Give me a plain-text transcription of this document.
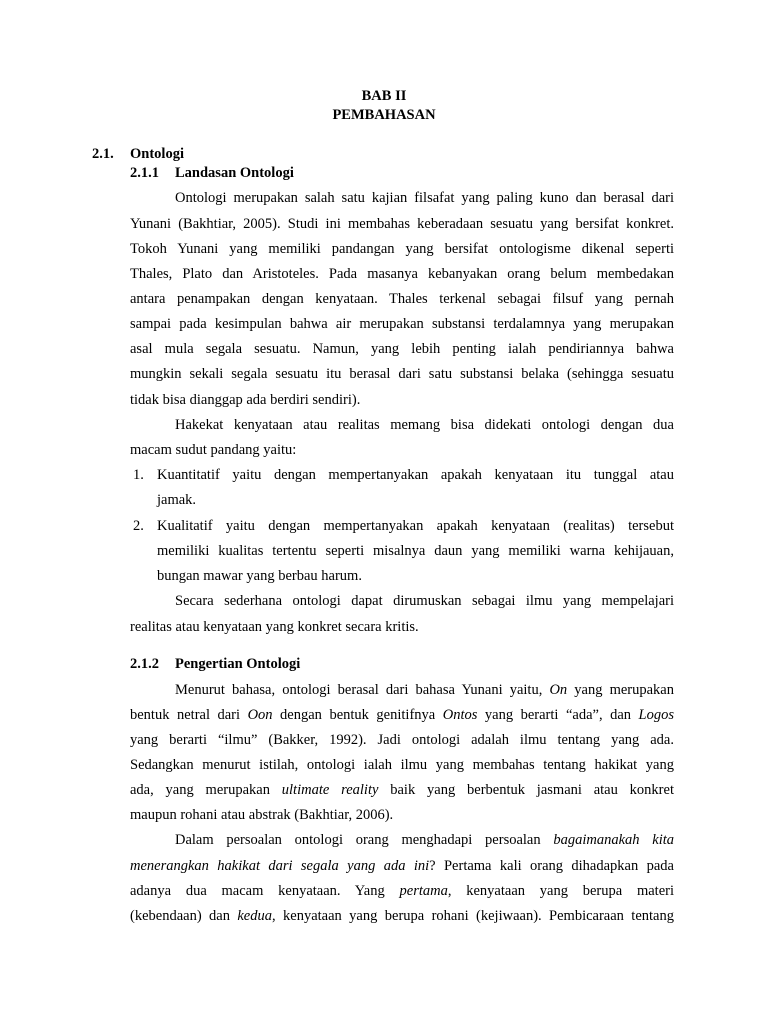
BAB II
PEMBAHASAN
2.1. Ontologi
2.1.1 Landasan Ontologi
Ontologi merupakan salah satu kajian filsafat yang paling kuno dan berasal dari
Yunani (Bakhtiar, 2005). Studi ini membahas keberadaan sesuatu yang bersifat konkret.
Tokoh Yunani yang memiliki pandangan yang bersifat ontologisme dikenal seperti
Thales, Plato dan Aristoteles. Pada masanya kebanyakan orang belum membedakan
antara penampakan dengan kenyataan. Thales terkenal sebagai filsuf yang pernah
sampai pada kesimpulan bahwa air merupakan substansi terdalamnya yang merupakan
asal mula segala sesuatu. Namun, yang lebih penting ialah pendiriannya bahwa
mungkin sekali segala sesuatu itu berasal dari satu substansi belaka (sehingga sesuatu
tidak bisa dianggap ada berdiri sendiri).
Hakekat kenyataan atau realitas memang bisa didekati ontologi dengan dua
macam sudut pandang yaitu:
1. Kuantitatif yaitu dengan mempertanyakan apakah kenyataan itu tunggal atau
jamak.
2. Kualitatif yaitu dengan mempertanyakan apakah kenyataan (realitas) tersebut
memiliki kualitas tertentu seperti misalnya daun yang memiliki warna kehijauan,
bungan mawar yang berbau harum.
Secara sederhana ontologi dapat dirumuskan sebagai ilmu yang mempelajari
realitas atau kenyataan yang konkret secara kritis.
2.1.2 Pengertian Ontologi
Menurut bahasa, ontologi berasal dari bahasa Yunani yaitu, On yang merupakan
bentuk netral dari Oon dengan bentuk genitifnya Ontos yang berarti “ada”, dan Logos
yang berarti “ilmu” (Bakker, 1992). Jadi ontologi adalah ilmu tentang yang ada.
Sedangkan menurut istilah, ontologi ialah ilmu yang membahas tentang hakikat yang
ada, yang merupakan ultimate reality baik yang berbentuk jasmani atau konkret
maupun rohani atau abstrak (Bakhtiar, 2006).
Dalam persoalan ontologi orang menghadapi persoalan bagaimanakah kita
menerangkan hakikat dari segala yang ada ini? Pertama kali orang dihadapkan pada
adanya dua macam kenyataan. Yang pertama, kenyataan yang berupa materi
(kebendaan) dan kedua, kenyataan yang berupa rohani (kejiwaan). Pembicaraan tentang
